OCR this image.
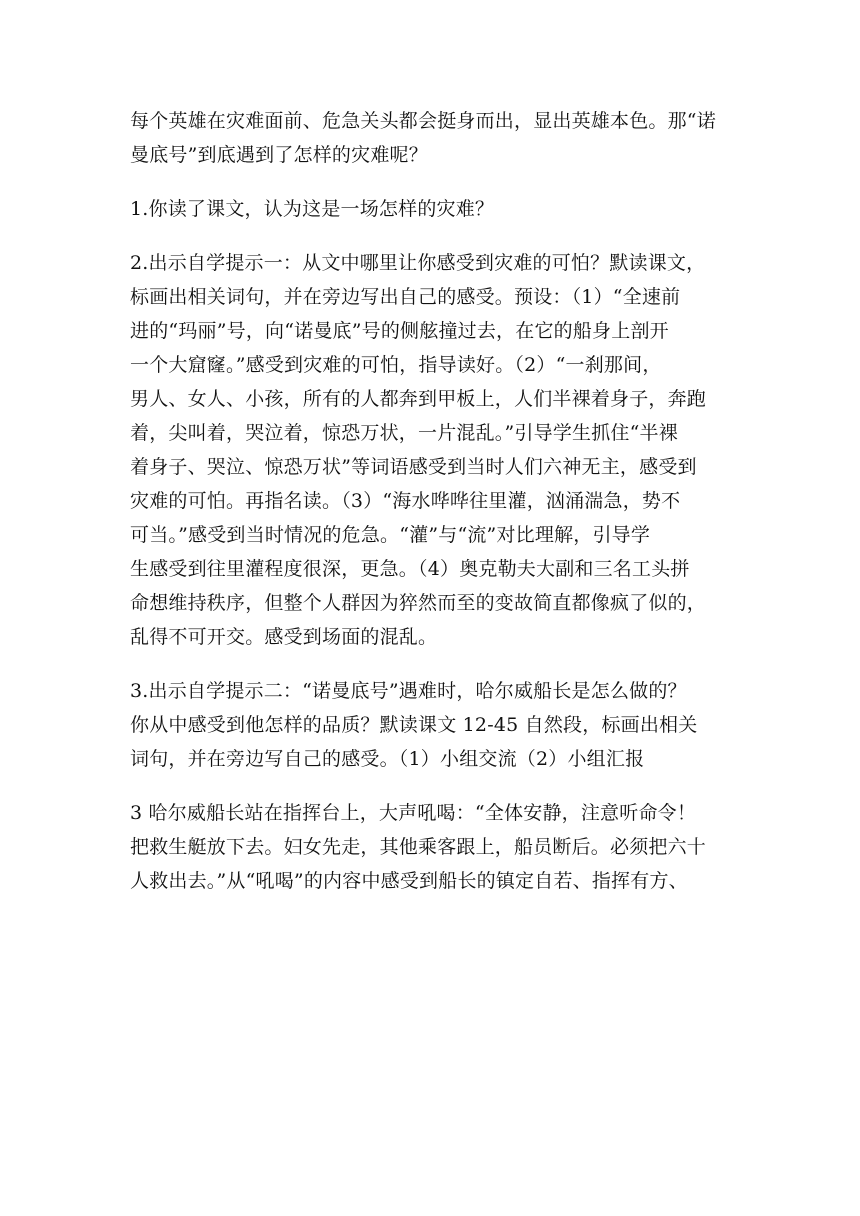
每个英雄在灾难面前、危急关头都会挺身而出，显出英雄本色。那“诺
曼底号”到底遇到了怎样的灾难呢？

1.你读了课文，认为这是一场怎样的灾难？

2.出示自学提示一：从文中哪里让你感受到灾难的可怕？默读课文，
标画出相关词句，并在旁边写出自己的感受。预设：（1）“全速前
进的“玛丽”号，向“诺曼底”号的侧舷撞过去，在它的船身上剖开
一个大窟窿。”感受到灾难的可怕，指导读好。（2）“一刹那间，
男人、女人、小孩，所有的人都奔到甲板上，人们半裸着身子，奔跑
着，尖叫着，哭泣着，惊恐万状，一片混乱。”引导学生抓住“半裸
着身子、哭泣、惊恐万状”等词语感受到当时人们六神无主，感受到
灾难的可怕。再指名读。（3）“海水哗哗往里灌，汹涌湍急，势不
可当。”感受到当时情况的危急。“灌”与“流”对比理解，引导学
生感受到往里灌程度很深，更急。（4）奥克勒夫大副和三名工头拼
命想维持秩序，但整个人群因为猝然而至的变故简直都像疯了似的，
乱得不可开交。感受到场面的混乱。

3.出示自学提示二：“诺曼底号”遇难时，哈尔威船长是怎么做的？
你从中感受到他怎样的品质？默读课文 12-45 自然段，标画出相关
词句，并在旁边写自己的感受。（1）小组交流（2）小组汇报

3 哈尔威船长站在指挥台上，大声吼喝：“全体安静，注意听命令！
把救生艇放下去。妇女先走，其他乘客跟上，船员断后。必须把六十
人救出去。”从“吼喝”的内容中感受到船长的镇定自若、指挥有方、
